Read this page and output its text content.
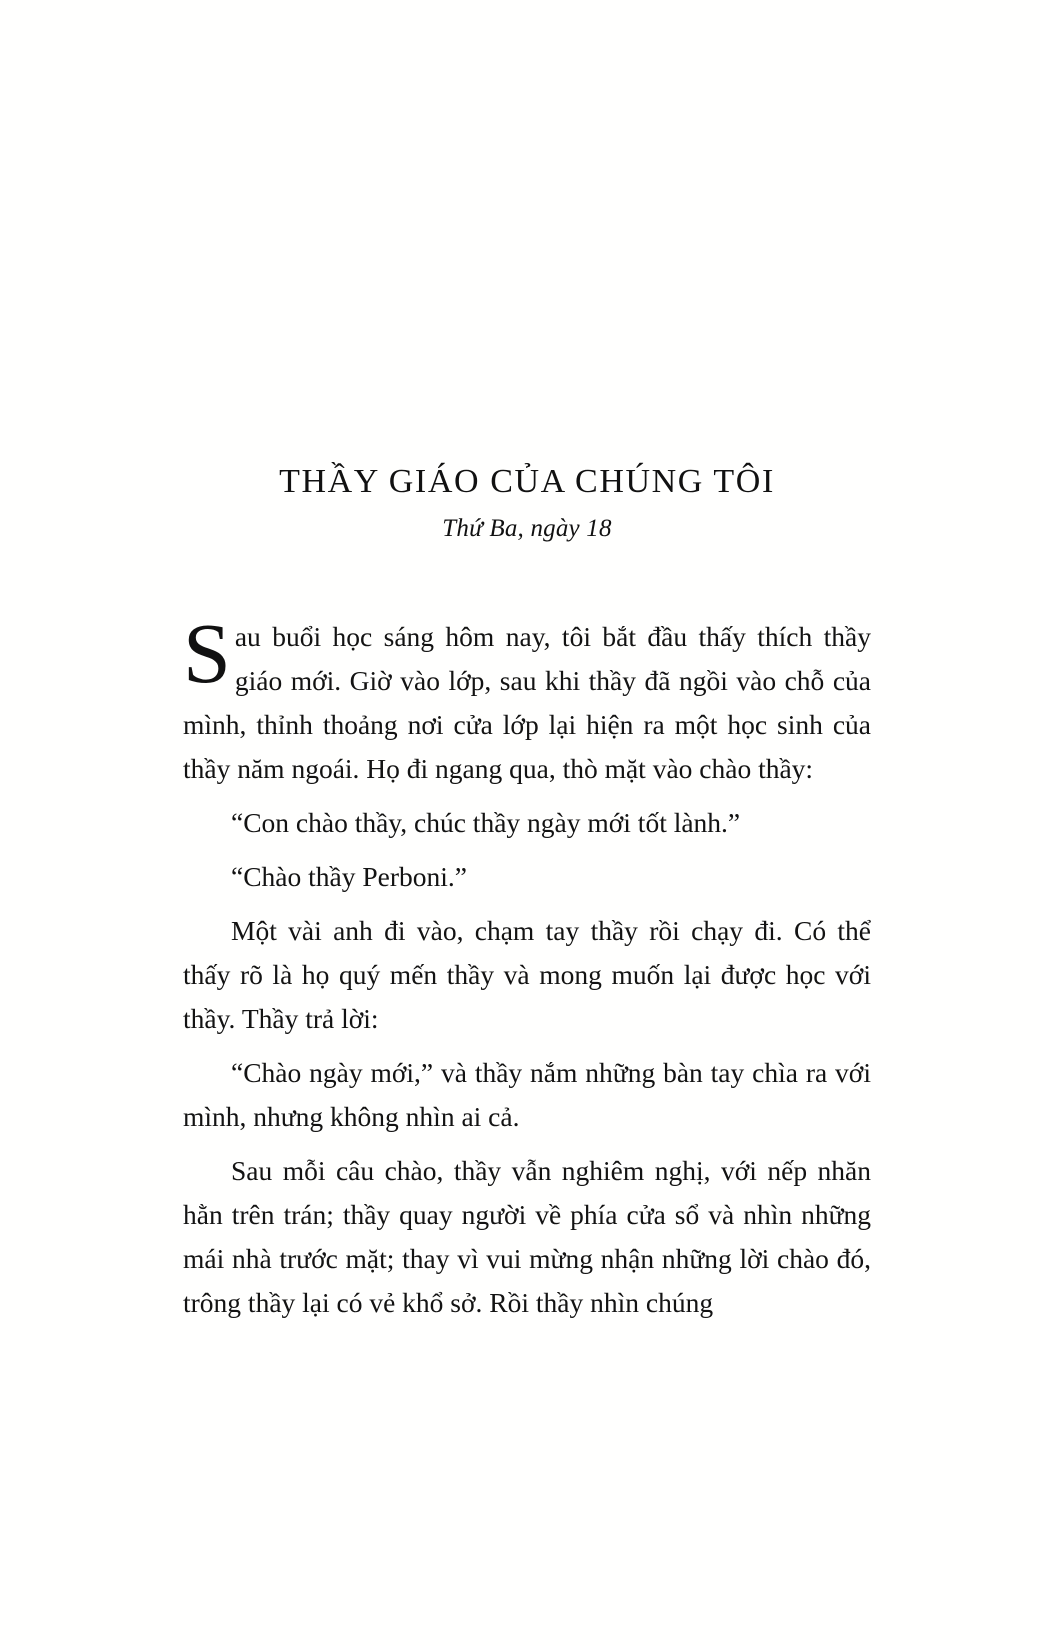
THẦY GIÁO CỦA CHÚNG TÔI
Thứ Ba, ngày 18

Sau buổi học sáng hôm nay, tôi bắt đầu thấy thích thầy giáo mới. Giờ vào lớp, sau khi thầy đã ngồi vào chỗ của mình, thỉnh thoảng nơi cửa lớp lại hiện ra một học sinh của thầy năm ngoái. Họ đi ngang qua, thò mặt vào chào thầy:

“Con chào thầy, chúc thầy ngày mới tốt lành.”

“Chào thầy Perboni.”

Một vài anh đi vào, chạm tay thầy rồi chạy đi. Có thể thấy rõ là họ quý mến thầy và mong muốn lại được học với thầy. Thầy trả lời:

“Chào ngày mới,” và thầy nắm những bàn tay chìa ra với mình, nhưng không nhìn ai cả.

Sau mỗi câu chào, thầy vẫn nghiêm nghị, với nếp nhăn hằn trên trán; thầy quay người về phía cửa sổ và nhìn những mái nhà trước mặt; thay vì vui mừng nhận những lời chào đó, trông thầy lại có vẻ khổ sở. Rồi thầy nhìn chúng
